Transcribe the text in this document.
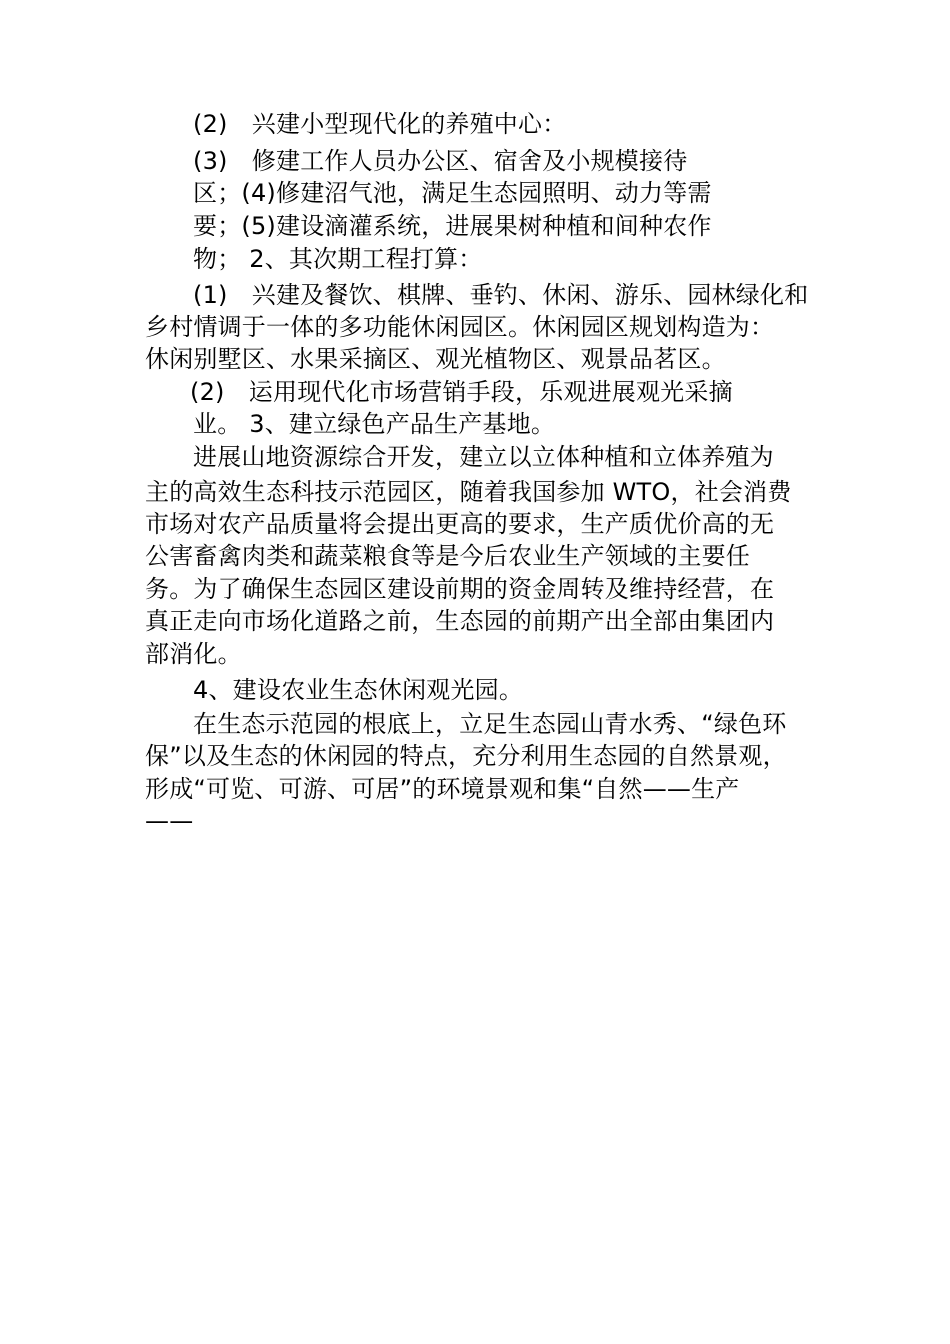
(2)　兴建小型现代化的养殖中心：
(3)　修建工作人员办公区、宿舍及小规模接待
区；(4)修建沼气池，满足生态园照明、动力等需
要；(5)建设滴灌系统，进展果树种植和间种农作
物； 2、其次期工程打算：
(1)　兴建及餐饮、棋牌、垂钓、休闲、游乐、园林绿化和
乡村情调于一体的多功能休闲园区。休闲园区规划构造为：
休闲别墅区、水果采摘区、观光植物区、观景品茗区。
(2)　运用现代化市场营销手段，乐观进展观光采摘
业。 3、建立绿色产品生产基地。
进展山地资源综合开发，建立以立体种植和立体养殖为
主的高效生态科技示范园区，随着我国参加 WTO，社会消费
市场对农产品质量将会提出更高的要求，生产质优价高的无
公害畜禽肉类和蔬菜粮食等是今后农业生产领域的主要任
务。为了确保生态园区建设前期的资金周转及维持经营，在
真正走向市场化道路之前，生态园的前期产出全部由集团内
部消化。
4、建设农业生态休闲观光园。
在生态示范园的根底上，立足生态园山青水秀、“绿色环
保”以及生态的休闲园的特点，充分利用生态园的自然景观，
形成“可览、可游、可居”的环境景观和集“自然——生产
——
